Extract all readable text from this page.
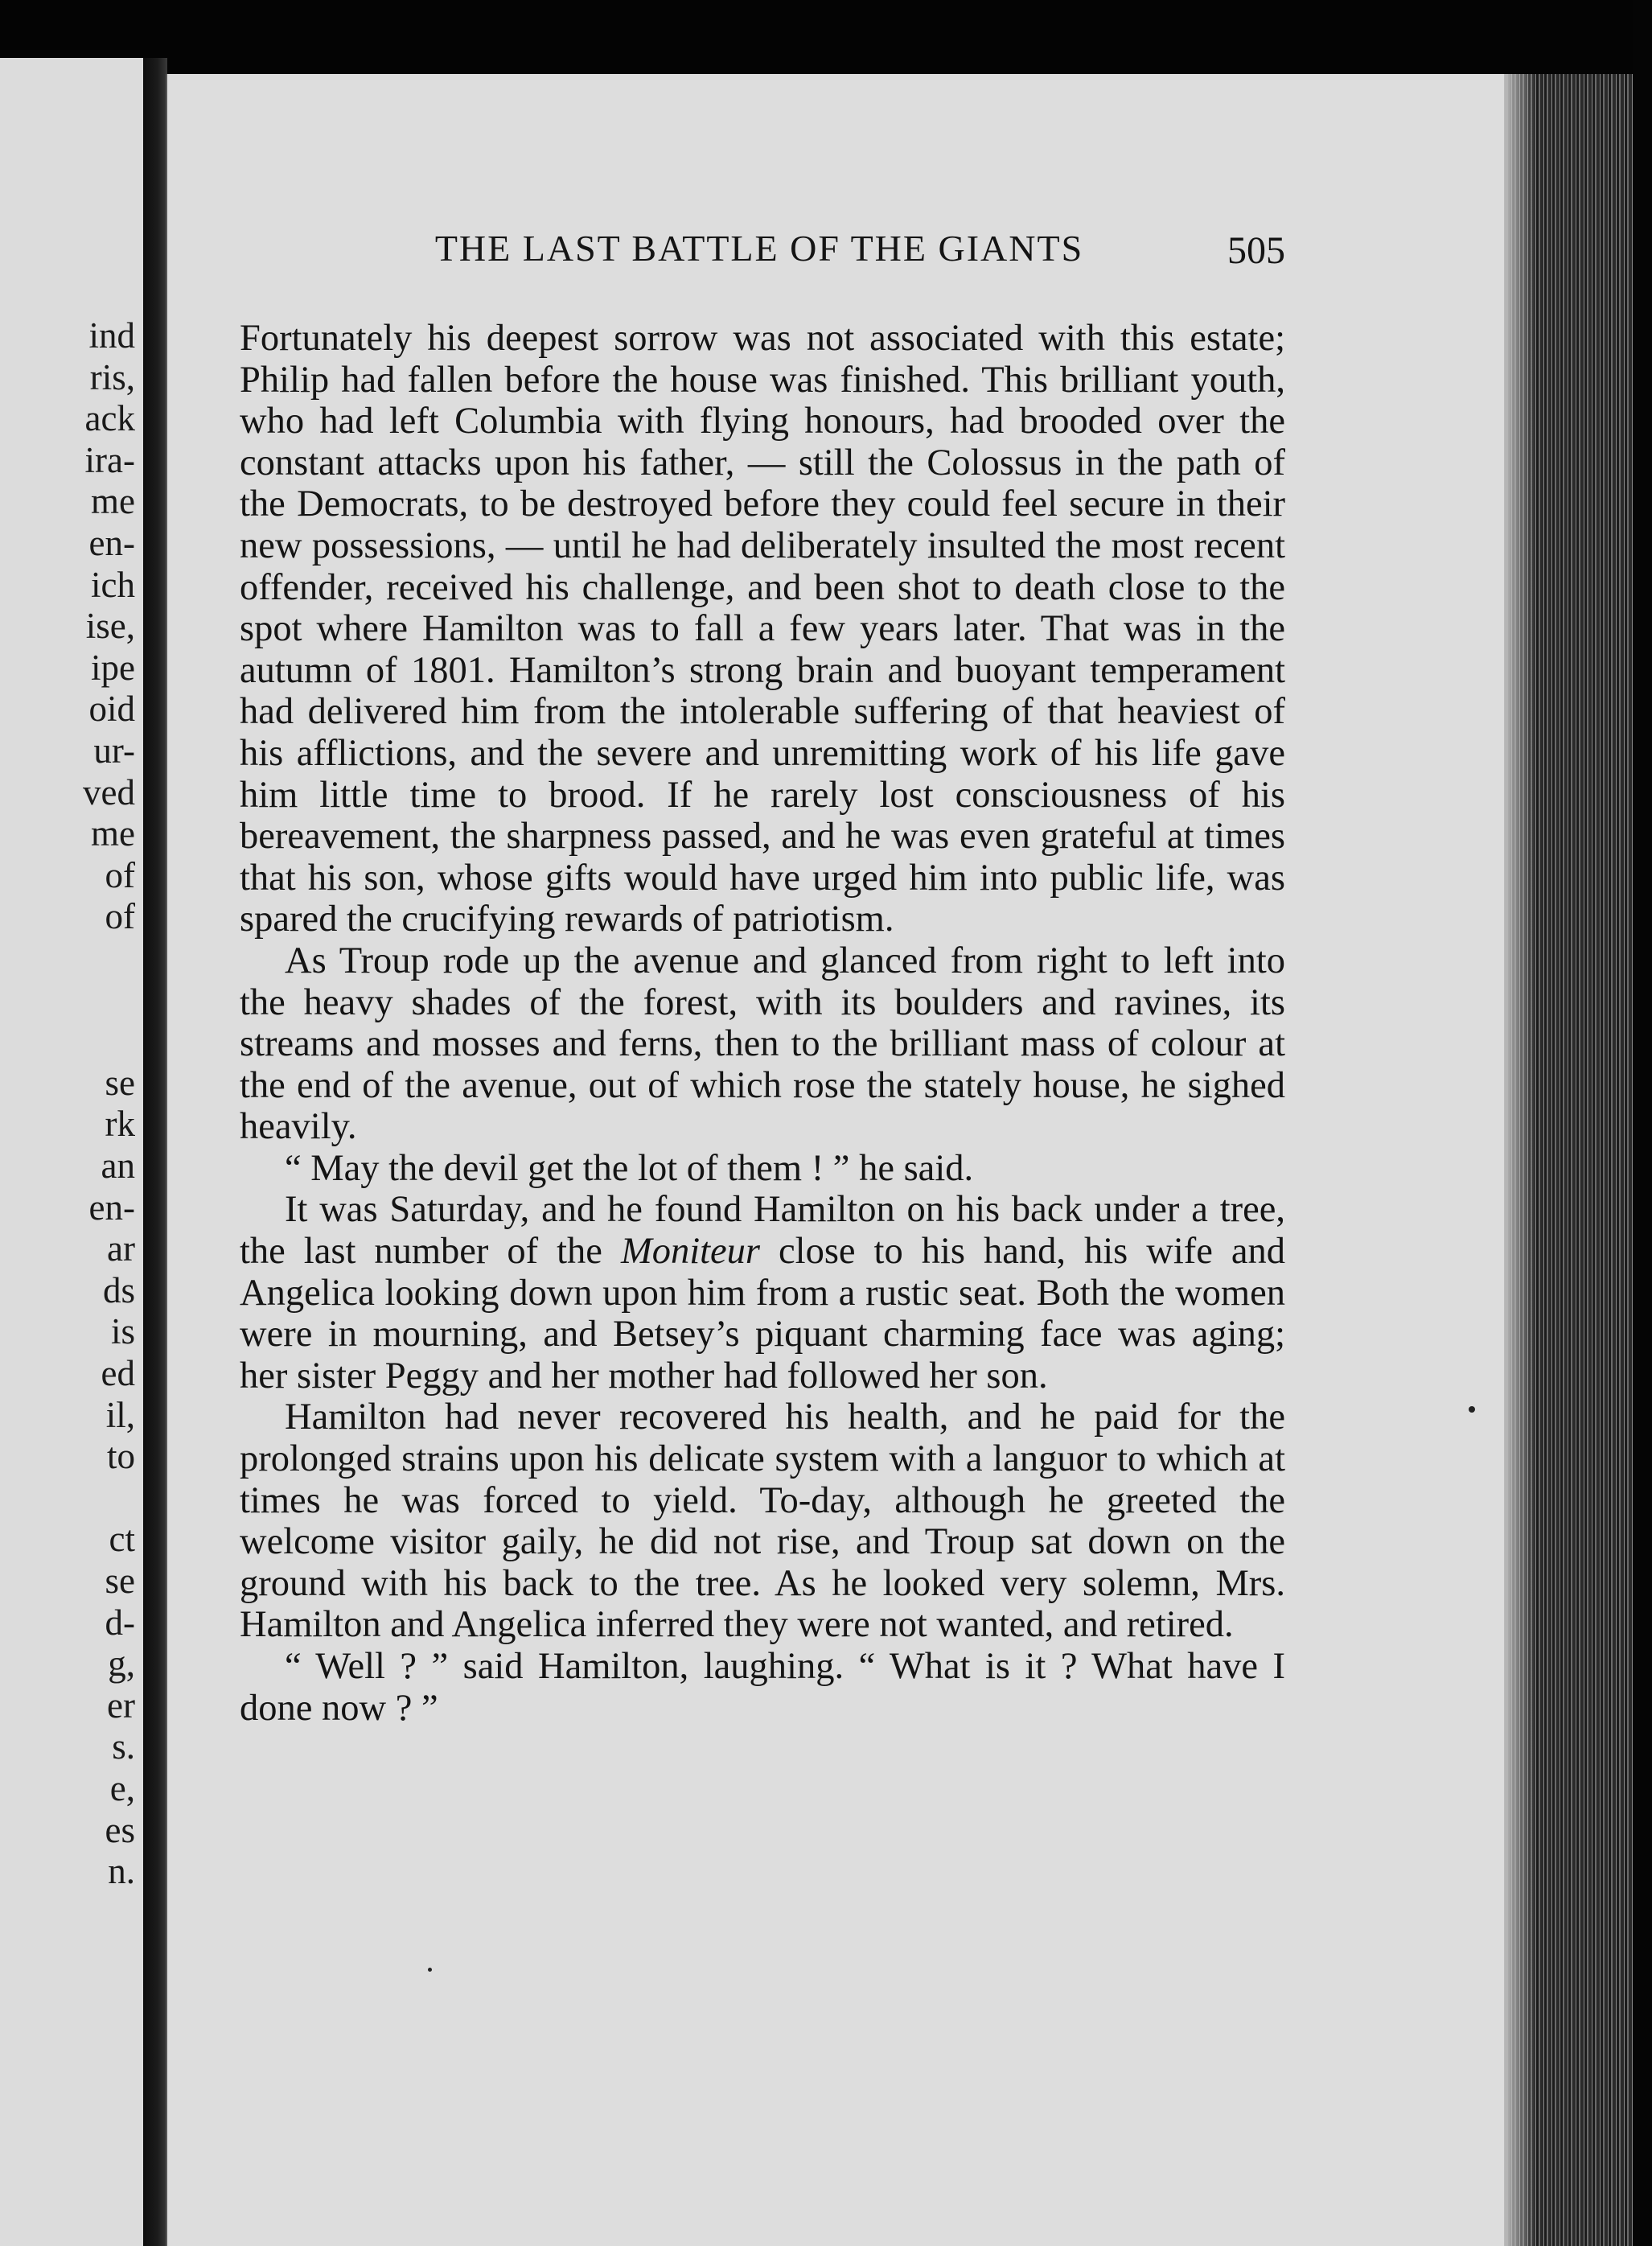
ind
ris,
ack
ira-
me
en-
ich
ise,
ipe
oid
ur-
ved
me
of
of
se
rk
an
en-
ar
ds
is
ed
il,
to
ct
se
d-
g,
er
s.
e,
es
n.
THE LAST BATTLE OF THE GIANTS	505

Fortunately his deepest sorrow was not associated with this estate; Philip had fallen before the house was finished. This brilliant youth, who had left Columbia with flying honours, had brooded over the constant attacks upon his father, — still the Colossus in the path of the Democrats, to be destroyed before they could feel secure in their new possessions, — until he had deliberately insulted the most recent offender, received his challenge, and been shot to death close to the spot where Hamilton was to fall a few years later. That was in the autumn of 1801. Hamilton’s strong brain and buoyant temperament had delivered him from the intolerable suffering of that heaviest of his afflictions, and the severe and unremitting work of his life gave him little time to brood. If he rarely lost consciousness of his bereavement, the sharpness passed, and he was even grateful at times that his son, whose gifts would have urged him into public life, was spared the crucifying rewards of patriotism.

As Troup rode up the avenue and glanced from right to left into the heavy shades of the forest, with its boulders and ravines, its streams and mosses and ferns, then to the brilliant mass of colour at the end of the avenue, out of which rose the stately house, he sighed heavily.

“ May the devil get the lot of them ! ” he said.

It was Saturday, and he found Hamilton on his back under a tree, the last number of the Moniteur close to his hand, his wife and Angelica looking down upon him from a rustic seat. Both the women were in mourning, and Betsey’s piquant charming face was aging; her sister Peggy and her mother had followed her son.

Hamilton had never recovered his health, and he paid for the prolonged strains upon his delicate system with a languor to which at times he was forced to yield. To-day, although he greeted the welcome visitor gaily, he did not rise, and Troup sat down on the ground with his back to the tree. As he looked very solemn, Mrs. Hamilton and Angelica inferred they were not wanted, and retired.

“ Well ? ” said Hamilton, laughing. “ What is it ? What have I done now ? ”
